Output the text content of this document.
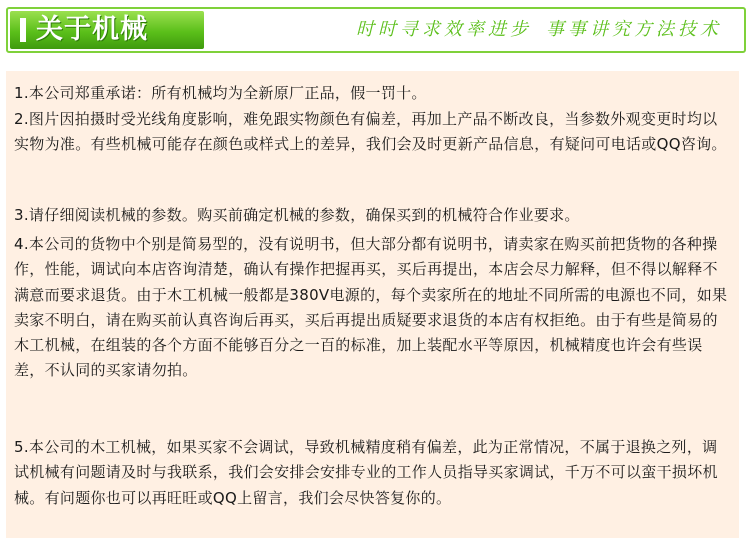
关于机械	时时寻求效率进步 事事讲究方法技术
1.本公司郑重承诺：所有机械均为全新原厂正品，假一罚十。
2.图片因拍摄时受光线角度影响，难免跟实物颜色有偏差，再加上产品不断改良，当参数外观变更时均以实物为准。有些机械可能存在颜色或样式上的差异，我们会及时更新产品信息，有疑问可电话或QQ咨询。
3.请仔细阅读机械的参数。购买前确定机械的参数，确保买到的机械符合作业要求。
4.本公司的货物中个别是简易型的，没有说明书，但大部分都有说明书，请卖家在购买前把货物的各种操作，性能，调试向本店咨询清楚，确认有操作把握再买，买后再提出，本店会尽力解释，但不得以解释不满意而要求退货。由于木工机械一般都是380V电源的，每个卖家所在的地址不同所需的电源也不同，如果卖家不明白，请在购买前认真咨询后再买，买后再提出质疑要求退货的本店有权拒绝。由于有些是简易的木工机械，在组装的各个方面不能够百分之一百的标准，加上装配水平等原因，机械精度也许会有些误差，不认同的买家请勿拍。
5.本公司的木工机械，如果买家不会调试，导致机械精度稍有偏差，此为正常情况，不属于退换之列，调试机械有问题请及时与我联系，我们会安排会安排专业的工作人员指导买家调试，千万不可以蛮干损坏机械。有问题你也可以再旺旺或QQ上留言，我们会尽快答复你的。
